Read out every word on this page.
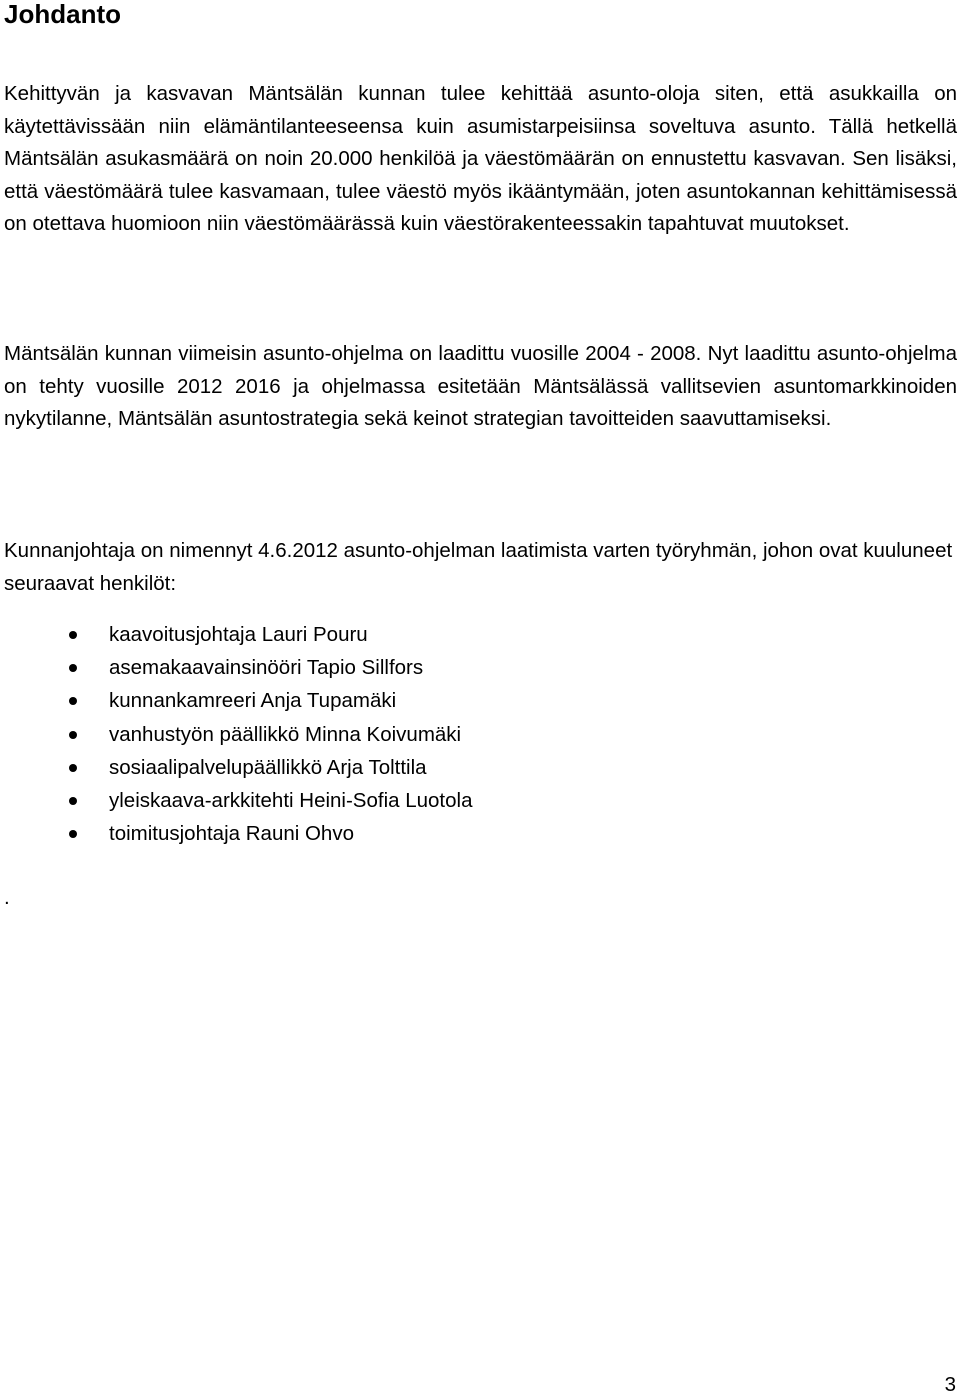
Johdanto

Kehittyvän ja kasvavan Mäntsälän kunnan tulee kehittää asunto-oloja siten, että asukkailla on käytettävissään niin elämäntilanteeseensa kuin asumistarpeisiinsa soveltuva asunto. Tällä hetkellä Mäntsälän asukasmäärä on noin 20.000 henkilöä ja väestömäärän on ennustettu kasvavan. Sen lisäksi, että väestömäärä tulee kasvamaan, tulee väestö myös ikääntymään, joten asuntokannan kehittämisessä on otettava huomioon niin väestömäärässä kuin väestörakenteessakin tapahtuvat muutokset.

Mäntsälän kunnan viimeisin asunto-ohjelma on laadittu vuosille 2004 - 2008. Nyt laadittu asunto-ohjelma on tehty vuosille 2012 2016 ja ohjelmassa esitetään Mäntsälässä vallitsevien asuntomarkkinoiden nykytilanne, Mäntsälän asuntostrategia sekä keinot strategian tavoitteiden saavuttamiseksi.

Kunnanjohtaja on nimennyt 4.6.2012 asunto-ohjelman laatimista varten työryhmän, johon ovat kuuluneet seuraavat henkilöt:

kaavoitusjohtaja Lauri Pouru
asemakaavainsinööri Tapio Sillfors
kunnankamreeri Anja Tupamäki
vanhustyön päällikkö Minna Koivumäki
sosiaalipalvelupäällikkö Arja Tolttila
yleiskaava-arkkitehti Heini-Sofia Luotola
toimitusjohtaja Rauni Ohvo
.
3
